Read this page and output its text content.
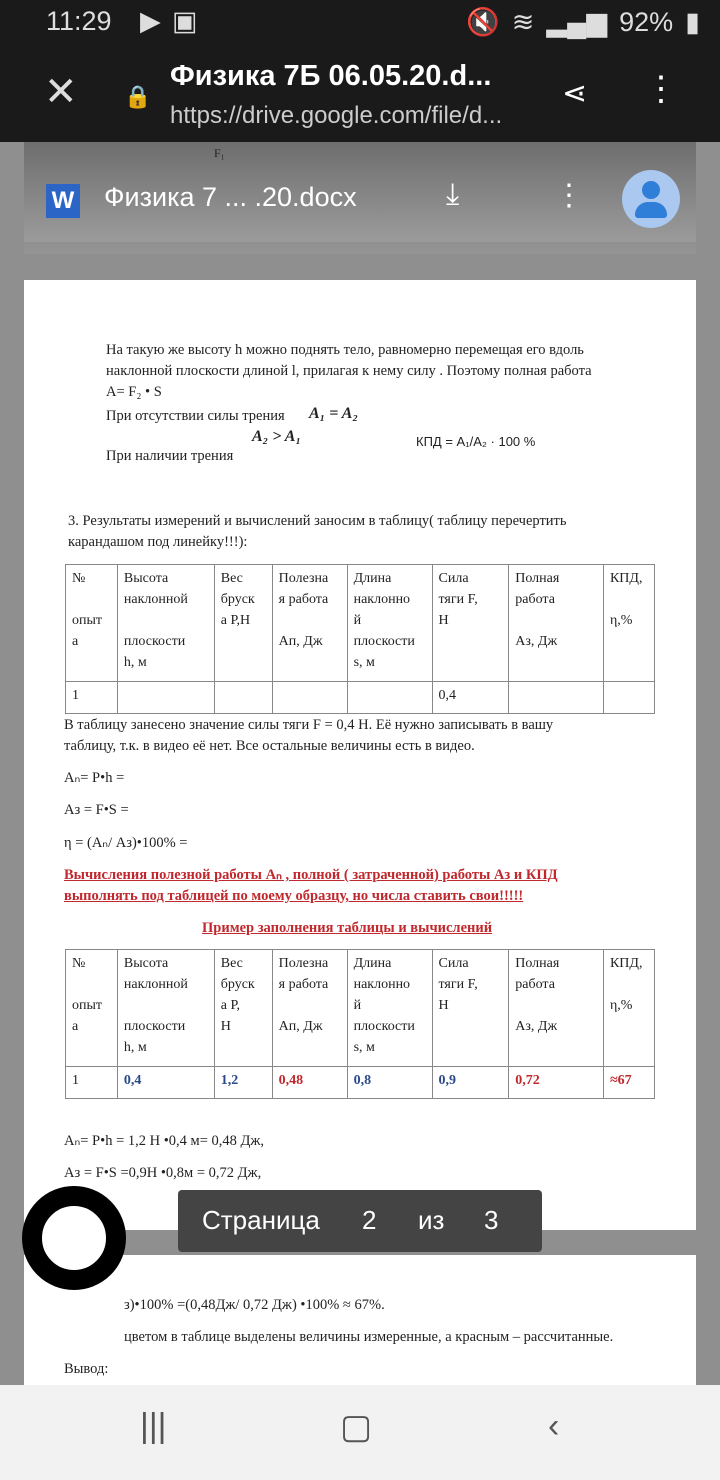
11:29 ▶ ▣	🔇 ≋ ▂▄▆ 92% ▮
✕ 🔒
Физика 7Б 06.05.20.d...
https://drive.google.com/file/d...
⋖ ⋮
W Физика 7 ... .20.docx	⤓	⋮
F₁
На такую же высоту h можно поднять тело, равномерно перемещая его вдоль
наклонной плоскости длиной l, прилагая к нему силу . Поэтому полная работа
A= F₂ • S
При отсутствии силы трения A₁ = A₂
A₂ > A₁	КПД = A₁/A₂ · 100 %
При наличии трения
3. Результаты измерений и вычислений заносим в таблицу( таблицу перечертить
карандашом под линейку!!!):
№

опыт
а	Высота
наклонной

плоскости
h, м	Вес
бруск
а Р,Н	Полезна
я работа

Ап, Дж	Длина
наклонно
й
плоскости
s, м	Сила
тяги F,
Н	Полная
работа

Аз, Дж	КПД,

η,%
1					0,4		
В таблицу занесено значение силы тяги F = 0,4 Н. Её нужно записывать в вашу
таблицу, т.к. в видео её нет. Все остальные величины есть в видео.
Aₙ= P•h =
Аз = F•S =
η = (Aₙ/ Аз)•100% =
Вычисления полезной работы Aₙ , полной ( затраченной) работы Аз и КПД
выполнять под таблицей по моему образцу, но числа ставить свои!!!!!
Пример заполнения таблицы и вычислений
№

опыт
а	Высота
наклонной

плоскости
h, м	Вес
бруск
а Р,
Н	Полезна
я работа

Ап, Дж	Длина
наклонно
й
плоскости
s, м	Сила
тяги F,
Н	Полная
работа

Аз, Дж	КПД,

η,%
1	0,4	1,2	0,48	0,8	0,9	0,72	≈67
Aₙ= P•h = 1,2 Н •0,4 м= 0,48 Дж,
Аз = F•S =0,9Н •0,8м = 0,72 Дж,
з)•100% =(0,48Дж/ 0,72 Дж) •100% ≈ 67%.
цветом в таблице выделены величины измеренные, а красным – рассчитанные.
Вывод:
Страница 2 из 3
|||	▢	‹
